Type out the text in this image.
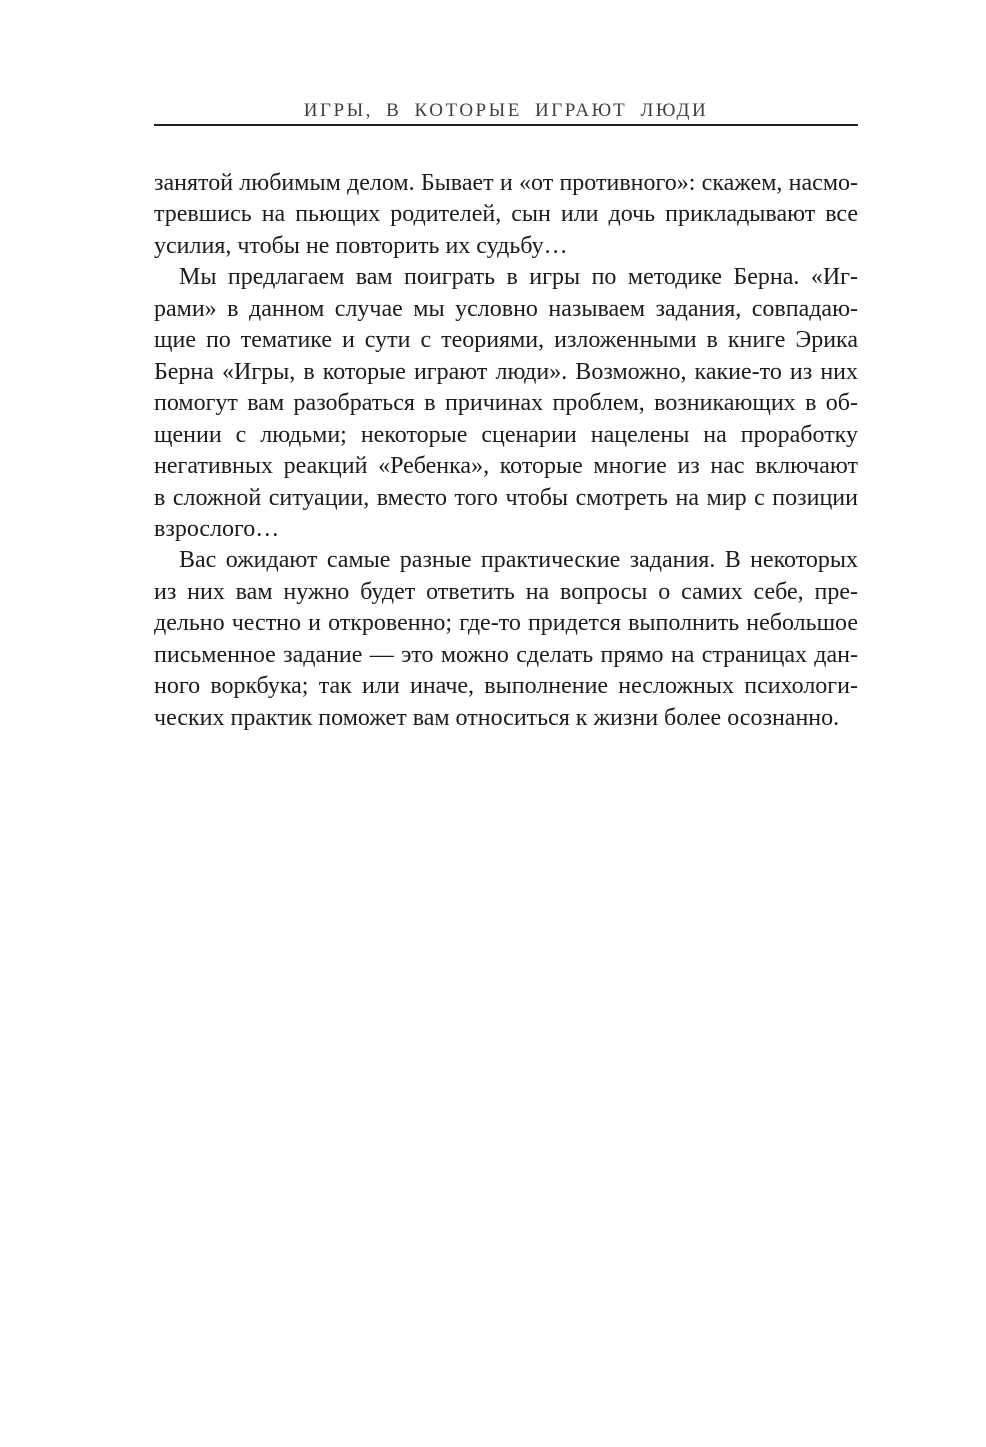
ИГРЫ, В КОТОРЫЕ ИГРАЮТ ЛЮДИ
занятой любимым делом. Бывает и «от противного»: скажем, насмо-
тревшись на пьющих родителей, сын или дочь прикладывают все
усилия, чтобы не повторить их судьбу…
Мы предлагаем вам поиграть в игры по методике Берна. «Иг-
рами» в данном случае мы условно называем задания, совпадаю-
щие по тематике и сути с теориями, изложенными в книге Эрика
Берна «Игры, в которые играют люди». Возможно, какие-то из них
помогут вам разобраться в причинах проблем, возникающих в об-
щении с людьми; некоторые сценарии нацелены на проработку
негативных реакций «Ребенка», которые многие из нас включают
в сложной ситуации, вместо того чтобы смотреть на мир с позиции
взрослого…
Вас ожидают самые разные практические задания. В некоторых
из них вам нужно будет ответить на вопросы о самих себе, пре-
дельно честно и откровенно; где-то придется выполнить небольшое
письменное задание — это можно сделать прямо на страницах дан-
ного воркбука; так или иначе, выполнение несложных психологи-
ческих практик поможет вам относиться к жизни более осознанно.
